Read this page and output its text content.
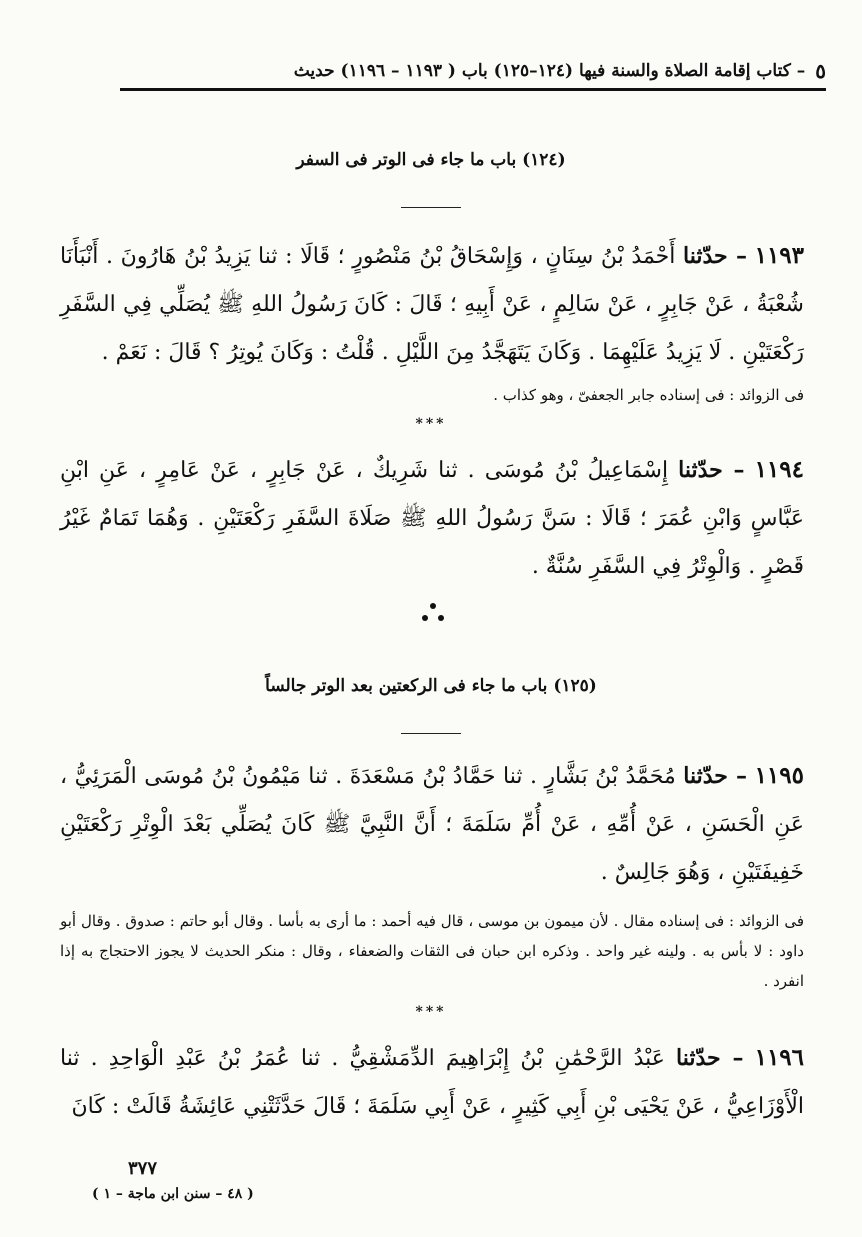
٥
– كتاب إقامة الصلاة والسنة فيها (١٢٤–١٢٥) باب ( ١١٩٣ – ١١٩٦) حديث
(١٢٤) باب ما جاء فى الوتر فى السفر
١١٩٣ – حدّثنا أَحْمَدُ بْنُ سِنَانٍ ، وَإِسْحَاقُ بْنُ مَنْصُورٍ ؛ قَالَا : ثنا يَزِيدُ بْنُ هَارُونَ . أَنْبَأَنَا شُعْبَةُ ، عَنْ جَابِرٍ ، عَنْ سَالِمٍ ، عَنْ أَبِيهِ ؛ قَالَ : كَانَ رَسُولُ اللهِ ﷺ يُصَلِّي فِي السَّفَرِ رَكْعَتَيْنِ . لَا يَزِيدُ عَلَيْهِمَا . وَكَانَ يَتَهَجَّدُ مِنَ اللَّيْلِ . قُلْتُ : وَكَانَ يُوتِرُ ؟ قَالَ : نَعَمْ .
فى الزوائد : فى إسناده جابر الجعفىّ ، وهو كذاب .
***
١١٩٤ – حدّثنا إِسْمَاعِيلُ بْنُ مُوسَى . ثنا شَرِيكٌ ، عَنْ جَابِرٍ ، عَنْ عَامِرٍ ، عَنِ ابْنِ عَبَّاسٍ وَابْنِ عُمَرَ ؛ قَالَا : سَنَّ رَسُولُ اللهِ ﷺ صَلَاةَ السَّفَرِ رَكْعَتَيْنِ . وَهُمَا تَمَامٌ غَيْرُ قَصْرٍ . وَالْوِتْرُ فِي السَّفَرِ سُنَّةٌ .
(١٢٥) باب ما جاء فى الركعتين بعد الوتر جالساً
١١٩٥ – حدّثنا مُحَمَّدُ بْنُ بَشَّارٍ . ثنا حَمَّادُ بْنُ مَسْعَدَةَ . ثنا مَيْمُونُ بْنُ مُوسَى الْمَرَئِيُّ ، عَنِ الْحَسَنِ ، عَنْ أُمِّهِ ، عَنْ أُمِّ سَلَمَةَ ؛ أَنَّ النَّبِيَّ ﷺ كَانَ يُصَلِّي بَعْدَ الْوِتْرِ رَكْعَتَيْنِ خَفِيفَتَيْنِ ، وَهُوَ جَالِسٌ .
فى الزوائد : فى إسناده مقال . لأن ميمون بن موسى ، قال فيه أحمد : ما أرى به بأسا . وقال أبو حاتم : صدوق . وقال أبو داود : لا بأس به . ولينه غير واحد . وذكره ابن حبان فى الثقات والضعفاء ، وقال : منكر الحديث لا يجوز الاحتجاج به إذا انفرد .
***
١١٩٦ – حدّثنا عَبْدُ الرَّحْمَٰنِ بْنُ إِبْرَاهِيمَ الدِّمَشْقِيُّ . ثنا عُمَرُ بْنُ عَبْدِ الْوَاحِدِ . ثنا الْأَوْزَاعِيُّ ، عَنْ يَحْيَى بْنِ أَبِي كَثِيرٍ ، عَنْ أَبِي سَلَمَةَ ؛ قَالَ حَدَّثَتْنِي عَائِشَةُ قَالَتْ : كَانَ
٣٧٧
( ٤٨ – سنن ابن ماجة – ١ )
